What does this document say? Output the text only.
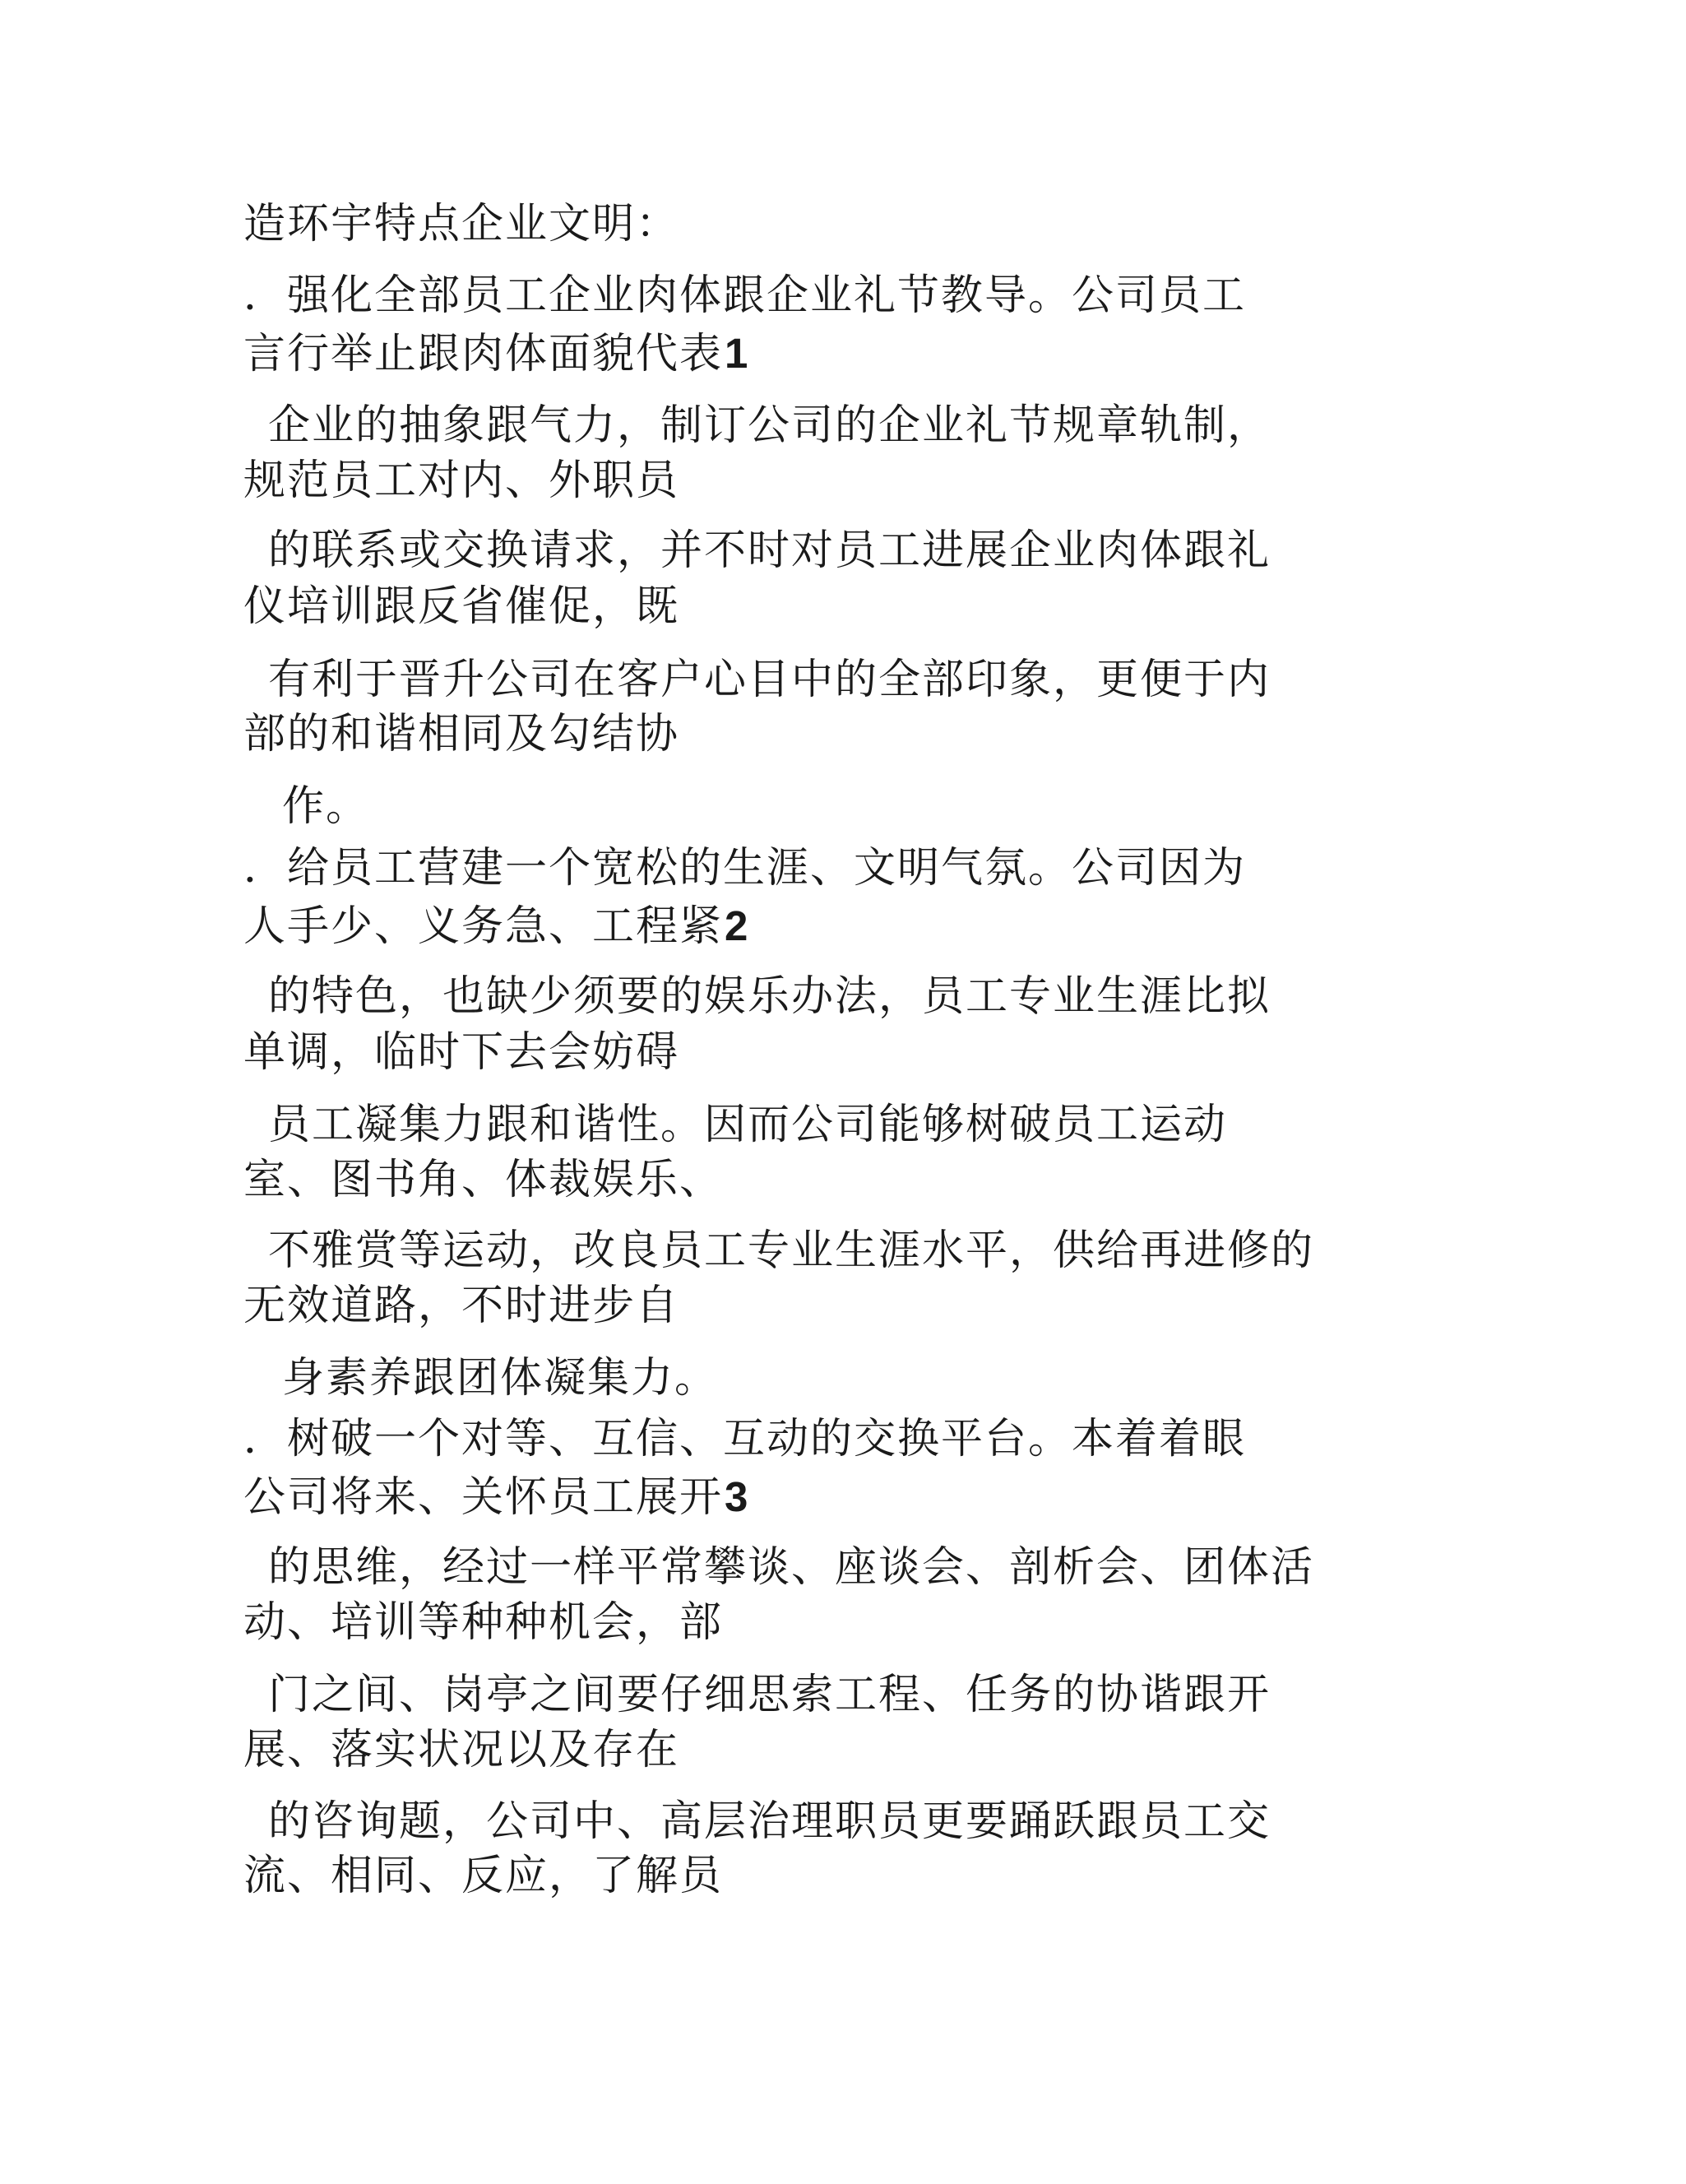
造环宇特点企业文明：
．强化全部员工企业肉体跟企业礼节教导。公司员工
言行举止跟肉体面貌代表1
企业的抽象跟气力，制订公司的企业礼节规章轨制，
规范员工对内、外职员
的联系或交换请求，并不时对员工进展企业肉体跟礼
仪培训跟反省催促，既
有利于晋升公司在客户心目中的全部印象，更便于内
部的和谐相同及勾结协
作。
．给员工营建一个宽松的生涯、文明气氛。公司因为
人手少、义务急、工程紧2
的特色，也缺少须要的娱乐办法，员工专业生涯比拟
单调，临时下去会妨碍
员工凝集力跟和谐性。因而公司能够树破员工运动
室、图书角、体裁娱乐、
不雅赏等运动，改良员工专业生涯水平，供给再进修的
无效道路，不时进步自
身素养跟团体凝集力。
．树破一个对等、互信、互动的交换平台。本着着眼
公司将来、关怀员工展开3
的思维，经过一样平常攀谈、座谈会、剖析会、团体活
动、培训等种种机会，部
门之间、岗亭之间要仔细思索工程、任务的协谐跟开
展、落实状况以及存在
的咨询题，公司中、高层治理职员更要踊跃跟员工交
流、相同、反应，了解员
